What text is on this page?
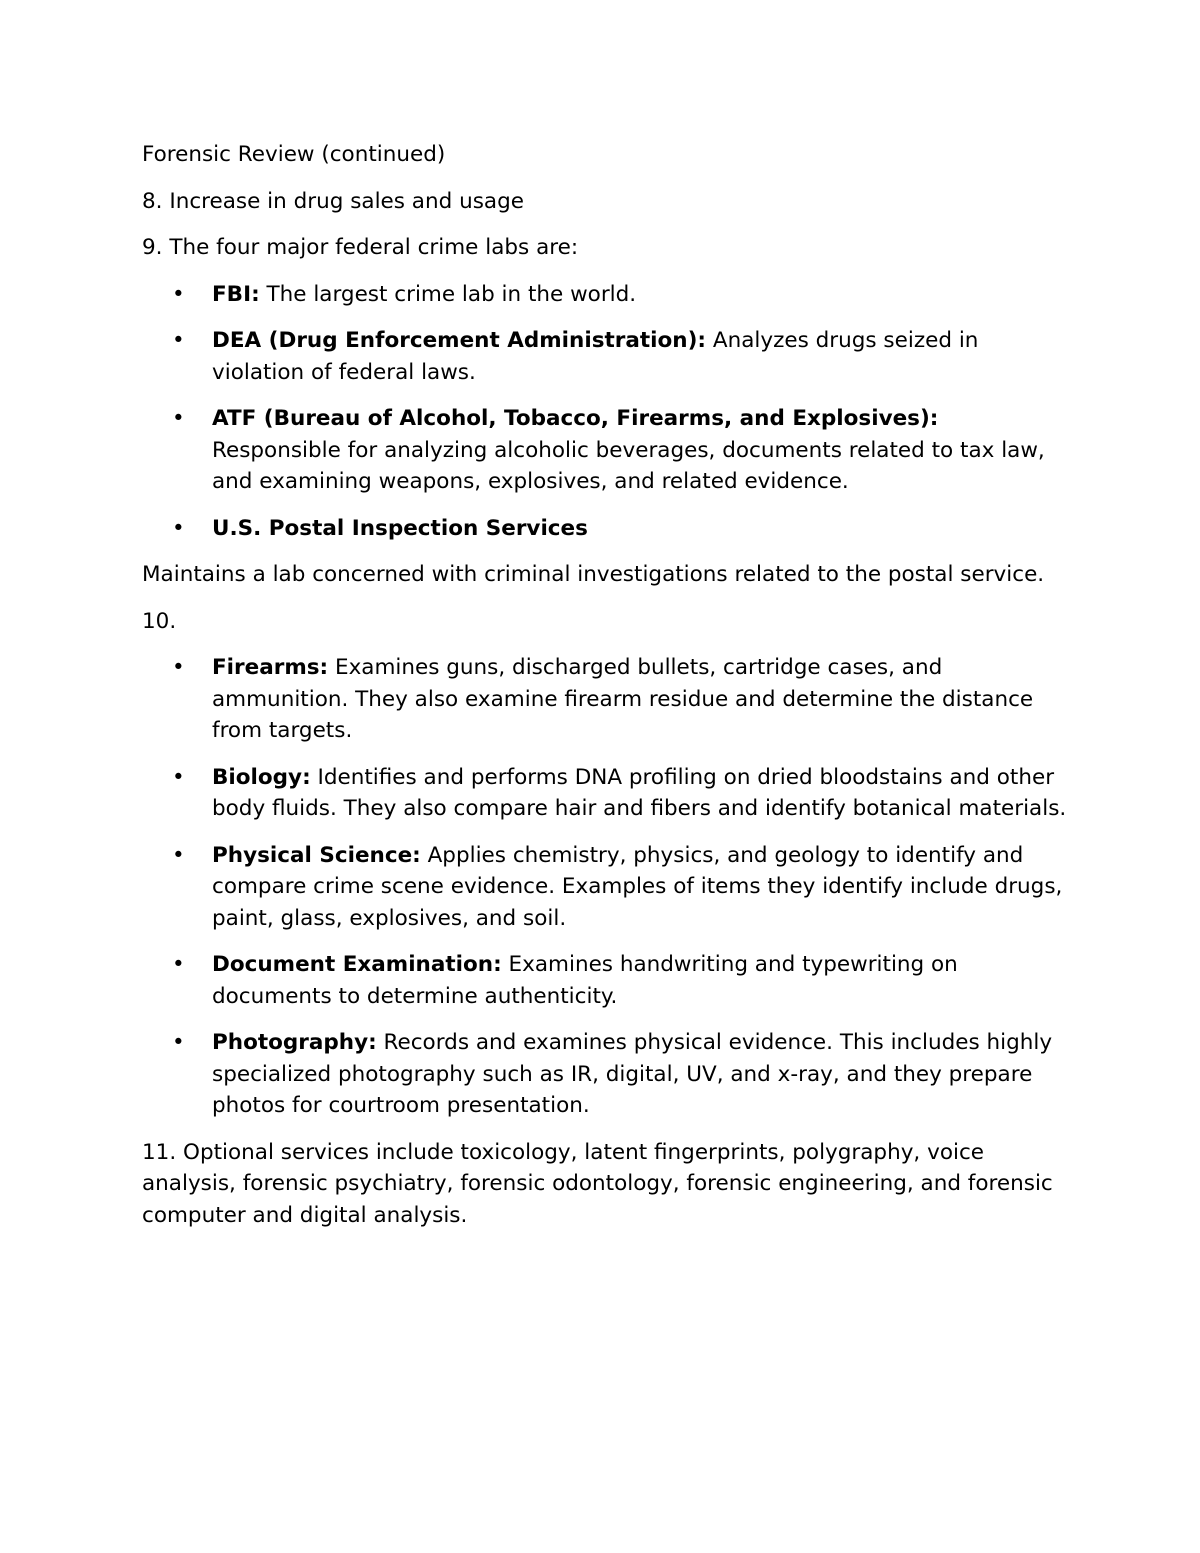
Forensic Review (continued)

8. Increase in drug sales and usage

9. The four major federal crime labs are:

• FBI: The largest crime lab in the world.
• DEA (Drug Enforcement Administration): Analyzes drugs seized in violation of federal laws.
• ATF (Bureau of Alcohol, Tobacco, Firearms, and Explosives): Responsible for analyzing alcoholic beverages, documents related to tax law, and examining weapons, explosives, and related evidence.
• U.S. Postal Inspection Services

Maintains a lab concerned with criminal investigations related to the postal service.

10.

• Firearms: Examines guns, discharged bullets, cartridge cases, and ammunition. They also examine firearm residue and determine the distance from targets.
• Biology: Identifies and performs DNA profiling on dried bloodstains and other body fluids. They also compare hair and fibers and identify botanical materials.
• Physical Science: Applies chemistry, physics, and geology to identify and compare crime scene evidence. Examples of items they identify include drugs, paint, glass, explosives, and soil.
• Document Examination: Examines handwriting and typewriting on documents to determine authenticity.
• Photography: Records and examines physical evidence. This includes highly specialized photography such as IR, digital, UV, and x-ray, and they prepare photos for courtroom presentation.

11. Optional services include toxicology, latent fingerprints, polygraphy, voice analysis, forensic psychiatry, forensic odontology, forensic engineering, and forensic computer and digital analysis.
